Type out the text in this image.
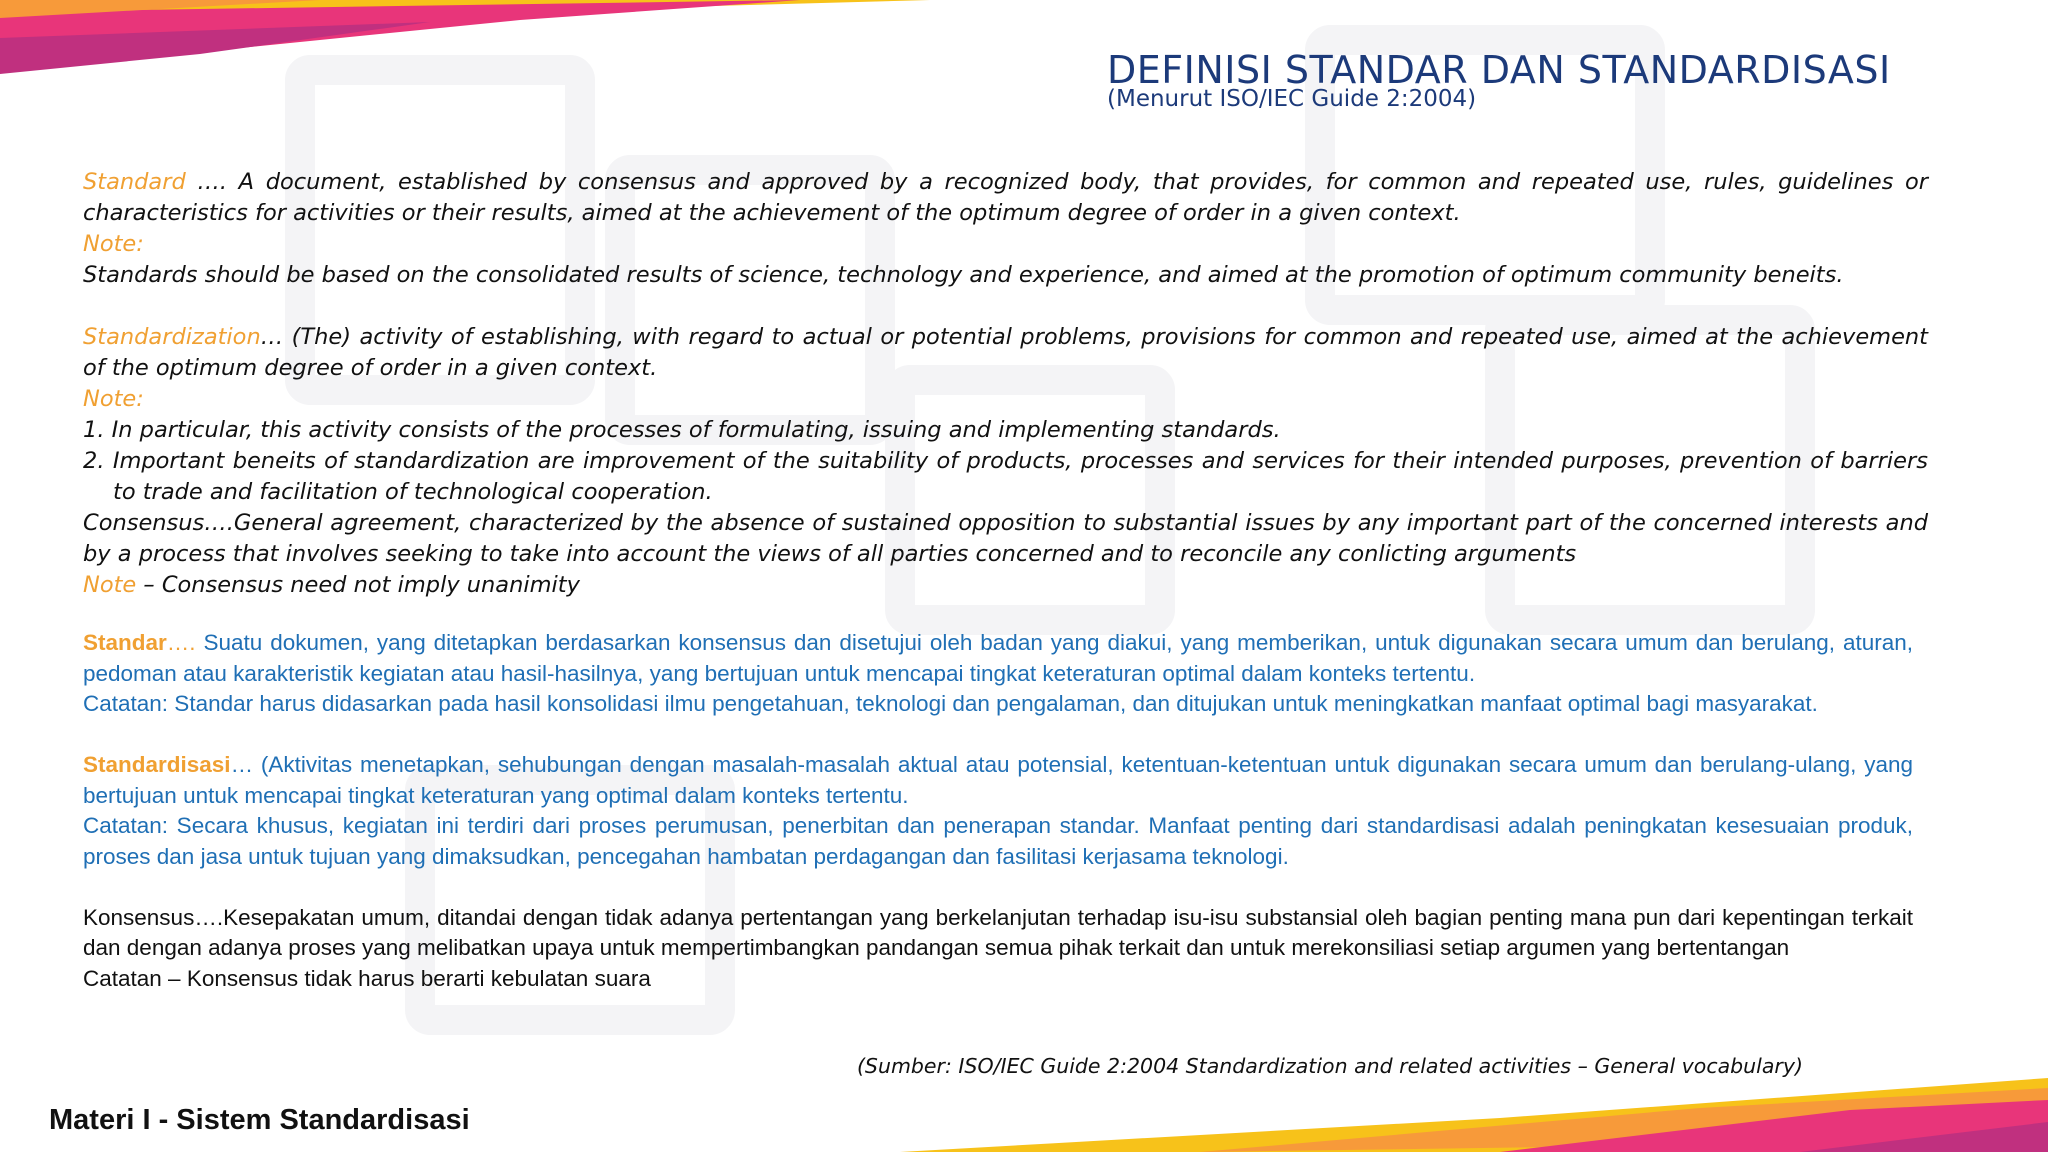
DEFINISI STANDAR DAN STANDARDISASI
(Menurut ISO/IEC Guide 2:2004)

Standard …. A document, established by consensus and approved by a recognized body, that provides, for common and repeated use, rules, guidelines or characteristics for activities or their results, aimed at the achievement of the optimum degree of order in a given context.

Note:

Standards should be based on the consolidated results of science, technology and experience, and aimed at the promotion of optimum community beneits.

Standardization… (The) activity of establishing, with regard to actual or potential problems, provisions for common and repeated use, aimed at the achievement of the optimum degree of order in a given context.

Note:

1. In particular, this activity consists of the processes of formulating, issuing and implementing standards.

2. Important beneits of standardization are improvement of the suitability of products, processes and services for their intended purposes, prevention of barriers to trade and facilitation of technological cooperation.

Consensus….General agreement, characterized by the absence of sustained opposition to substantial issues by any important part of the concerned interests and by a process that involves seeking to take into account the views of all parties concerned and to reconcile any conlicting arguments

Note – Consensus need not imply unanimity

Standar…. Suatu dokumen, yang ditetapkan berdasarkan konsensus dan disetujui oleh badan yang diakui, yang memberikan, untuk digunakan secara umum dan berulang, aturan, pedoman atau karakteristik kegiatan atau hasil-hasilnya, yang bertujuan untuk mencapai tingkat keteraturan optimal dalam konteks tertentu.

Catatan: Standar harus didasarkan pada hasil konsolidasi ilmu pengetahuan, teknologi dan pengalaman, dan ditujukan untuk meningkatkan manfaat optimal bagi masyarakat.

Standardisasi… (Aktivitas menetapkan, sehubungan dengan masalah-masalah aktual atau potensial, ketentuan-ketentuan untuk digunakan secara umum dan berulang-ulang, yang bertujuan untuk mencapai tingkat keteraturan yang optimal dalam konteks tertentu.

Catatan: Secara khusus, kegiatan ini terdiri dari proses perumusan, penerbitan dan penerapan standar. Manfaat penting dari standardisasi adalah peningkatan kesesuaian produk, proses dan jasa untuk tujuan yang dimaksudkan, pencegahan hambatan perdagangan dan fasilitasi kerjasama teknologi.

Konsensus….Kesepakatan umum, ditandai dengan tidak adanya pertentangan yang berkelanjutan terhadap isu-isu substansial oleh bagian penting mana pun dari kepentingan terkait dan dengan adanya proses yang melibatkan upaya untuk mempertimbangkan pandangan semua pihak terkait dan untuk merekonsiliasi setiap argumen yang bertentangan

Catatan – Konsensus tidak harus berarti kebulatan suara

(Sumber: ISO/IEC Guide 2:2004 Standardization and related activities – General vocabulary)
Materi I - Sistem Standardisasi
